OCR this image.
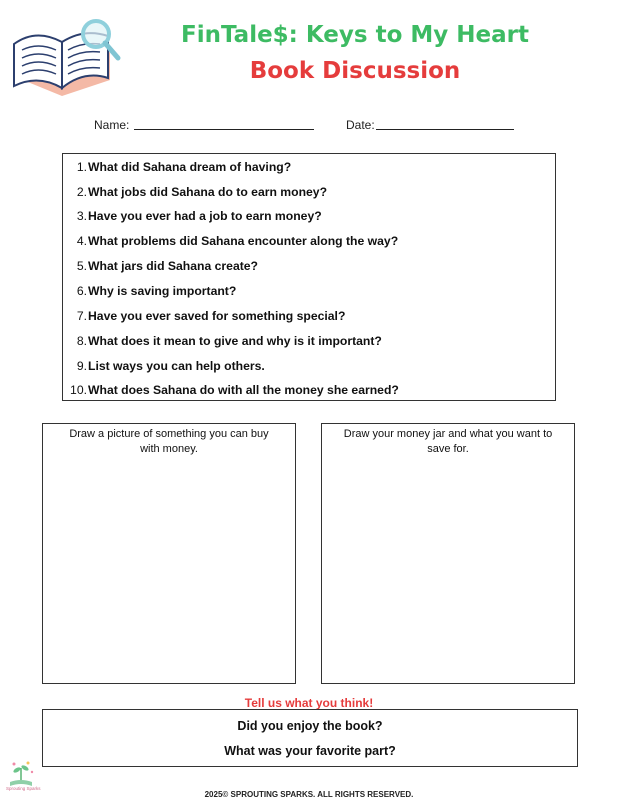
FinTale$: Keys to My Heart
Book Discussion
Name:	Date:
1.What did Sahana dream of having?
2.What jobs did Sahana do to earn money?
3.Have you ever had a job to earn money?
4.What problems did Sahana encounter along the way?
5.What jars did Sahana create?
6.Why is saving important?
7.Have you ever saved for something special?
8.What does it mean to give and why is it important?
9.List ways you can help others.
10.What does Sahana do with all the money she earned?
Draw a picture of something you can buy with money.
Draw your money jar and what you want to save for.
Tell us what you think!
Did you enjoy the book?
What was your favorite part?
Sprouting Sparks
2025© SPROUTING SPARKS. ALL RIGHTS RESERVED.
